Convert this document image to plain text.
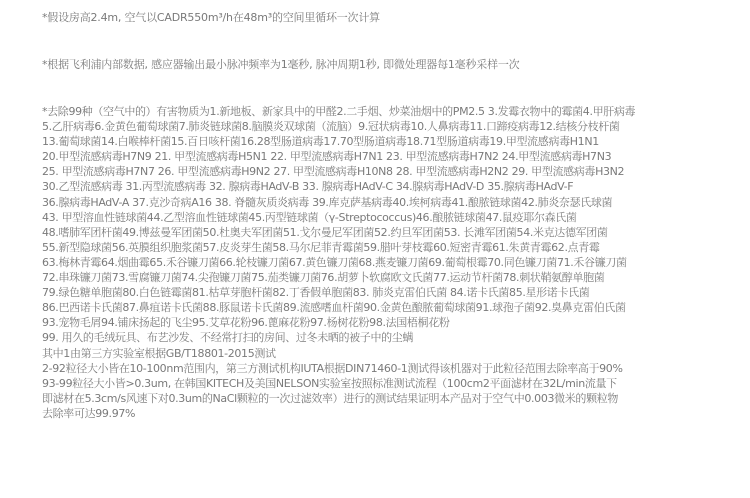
*假设房高2.4m, 空气以CADR550m³/h在48m³的空间里循环一次计算
*根据飞利浦内部数据, 感应器输出最小脉冲频率为1毫秒, 脉冲周期1秒, 即微处理器每1毫秒采样一次
*去除99种（空气中的）有害物质为1.新地板、新家具中的甲醛2.二手烟、炒菜油烟中的PM2.5 3.发霉衣物中的霉菌4.甲肝病毒
5.乙肝病毒6.金黄色葡萄球菌7.肺炎链球菌8.脑膜炎双球菌（流脑）9.冠状病毒10.人鼻病毒11.口蹄疫病毒12.结核分枝杆菌
13.葡萄球菌14.白喉棒杆菌15.百日咳杆菌16.28型肠道病毒17.70型肠道病毒18.71型肠道病毒19.甲型流感病毒H1N1
20.甲型流感病毒H7N9 21. 甲型流感病毒H5N1 22. 甲型流感病毒H7N1 23. 甲型流感病毒H7N2 24.甲型流感病毒H7N3
25. 甲型流感病毒H7N7 26. 甲型流感病毒H9N2 27. 甲型流感病毒H10N8 28. 甲型流感病毒H2N2 29. 甲型流感病毒H3N2
30.乙型流感病毒 31.丙型流感病毒 32. 腺病毒HAdV-B 33. 腺病毒HAdV-C 34.腺病毒HAdV-D 35.腺病毒HAdV-F
36.腺病毒HAdV-A 37.克沙奇病A16 38. 脊髓灰质炎病毒 39.库克萨基病毒40.埃柯病毒41.酿脓链球菌42.肺炎奈瑟氏球菌
43. 甲型溶血性链球菌44.乙型溶血性链球菌45.丙型链球菌（γ-Streptococcus)46.酿脓链球菌47.鼠疫耶尔森氏菌
48.嗜肺军团杆菌49.博兹曼军团菌50.杜奥夫军团菌51.戈尔曼尼军团菌52.约旦军团菌53. 长滩军团菌54.米克达德军团菌
55.新型隐球菌56.英膜组织胞浆菌57.皮炎芽生菌58.马尔尼菲青霉菌59.腊叶芽枝霉60.短密青霉61.朱黄青霉62.点青霉
63.梅林青霉64.烟曲霉65.禾谷镰刀菌66.轮枝镰刀菌67.黄色镰刀菌68.燕麦镰刀菌69.葡萄根霉70.同色镰刀菌71.禾谷镰刀菌
72.串珠镰刀菌73.雪腐镰刀菌74.尖孢镰刀菌75.茄类镰刀菌76.胡萝卜软腐欧文氏菌77.运动节杆菌78.刺状鞘氨醇单胞菌
79.绿色糖单胞菌80.白色链霉菌81.枯草芽胞杆菌82.丁香假单胞菌83. 肺炎克雷伯氏菌 84.诺卡氏菌85.星形诺卡氏菌
86.巴西诺卡氏菌87.鼻疽诺卡氏菌88.豚鼠诺卡氏菌89.流感嗜血杆菌90.金黄色酿脓葡萄球菌91.球孢子菌92.臭鼻克雷伯氏菌
93.宠物毛屑94.铺床扬起的飞尘95.艾草花粉96.蓖麻花粉97.杨树花粉98.法国梧桐花粉
99. 用久的毛绒玩具、布艺沙发、不经常打扫的房间、过冬未晒的被子中的尘螨
其中1由第三方实验室根据GB/T18801-2015测试
2-92粒径大小皆在10-100nm范围内，第三方测试机构IUTA根据DIN71460-1测试得该机器对于此粒径范围去除率高于90%
93-99粒径大小皆>0.3um, 在韩国KITECH及美国NELSON实验室按照标准测试流程（100cm2平面滤材在32L/min流量下
即滤材在5.3cm/s风速下对0.3um的NaCl颗粒的一次过滤效率）进行的测试结果证明本产品对于空气中0.003微米的颗粒物
去除率可达99.97%
